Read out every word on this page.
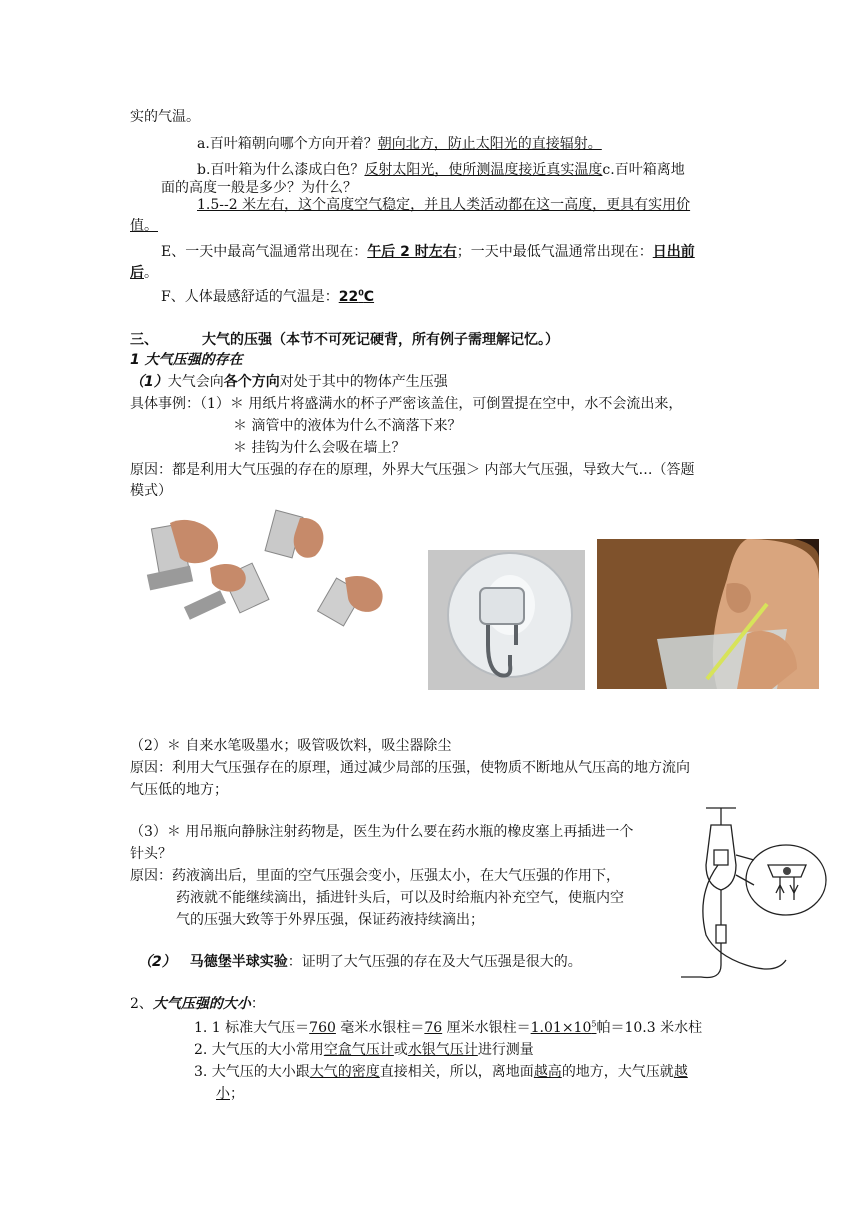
实的气温。
a.百叶箱朝向哪个方向开着？朝向北方，防止太阳光的直接辐射。
b.百叶箱为什么漆成白色？反射太阳光，使所测温度接近真实温度c.百叶箱离地
面的高度一般是多少？为什么？
1.5--2 米左右，这个高度空气稳定，并且人类活动都在这一高度，更具有实用价
值。
E、一天中最高气温通常出现在：午后 2 时左右；一天中最低气温通常出现在：日出前
后。
F、人体最感舒适的气温是：$22^0C$
三、	大气的压强（本节不可死记硬背，所有例子需理解记忆。）
1 大气压强的存在
（1）大气会向各个方向对处于其中的物体产生压强
具体事例：（1）＊ 用纸片将盛满水的杯子严密该盖住，可倒置提在空中，水不会流出来，
＊ 滴管中的液体为什么不滴落下来？
＊ 挂钩为什么会吸在墙上？
原因：都是利用大气压强的存在的原理，外界大气压强＞ 内部大气压强，导致大气…（答题
模式）
（2）＊ 自来水笔吸墨水；吸管吸饮料，吸尘器除尘
原因：利用大气压强存在的原理，通过减少局部的压强，使物质不断地从气压高的地方流向
气压低的地方；
（3）＊ 用吊瓶向静脉注射药物是，医生为什么要在药水瓶的橡皮塞上再插进一个
针头？
原因：药液滴出后，里面的空气压强会变小，压强太小，在大气压强的作用下，
药液就不能继续滴出，插进针头后，可以及时给瓶内补充空气，使瓶内空
气的压强大致等于外界压强，保证药液持续滴出；
（2） 马德堡半球实验：证明了大气压强的存在及大气压强是很大的。
2、大气压强的大小：
1. 1 标准大气压＝760 毫米水银柱＝76 厘米水银柱$=1.01\times 10^5$帕＝10.3 米水柱
2. 大气压的大小常用空盒气压计或水银气压计进行测量
3. 大气压的大小跟大气的密度直接相关，所以，离地面越高的地方，大气压就越
小；
